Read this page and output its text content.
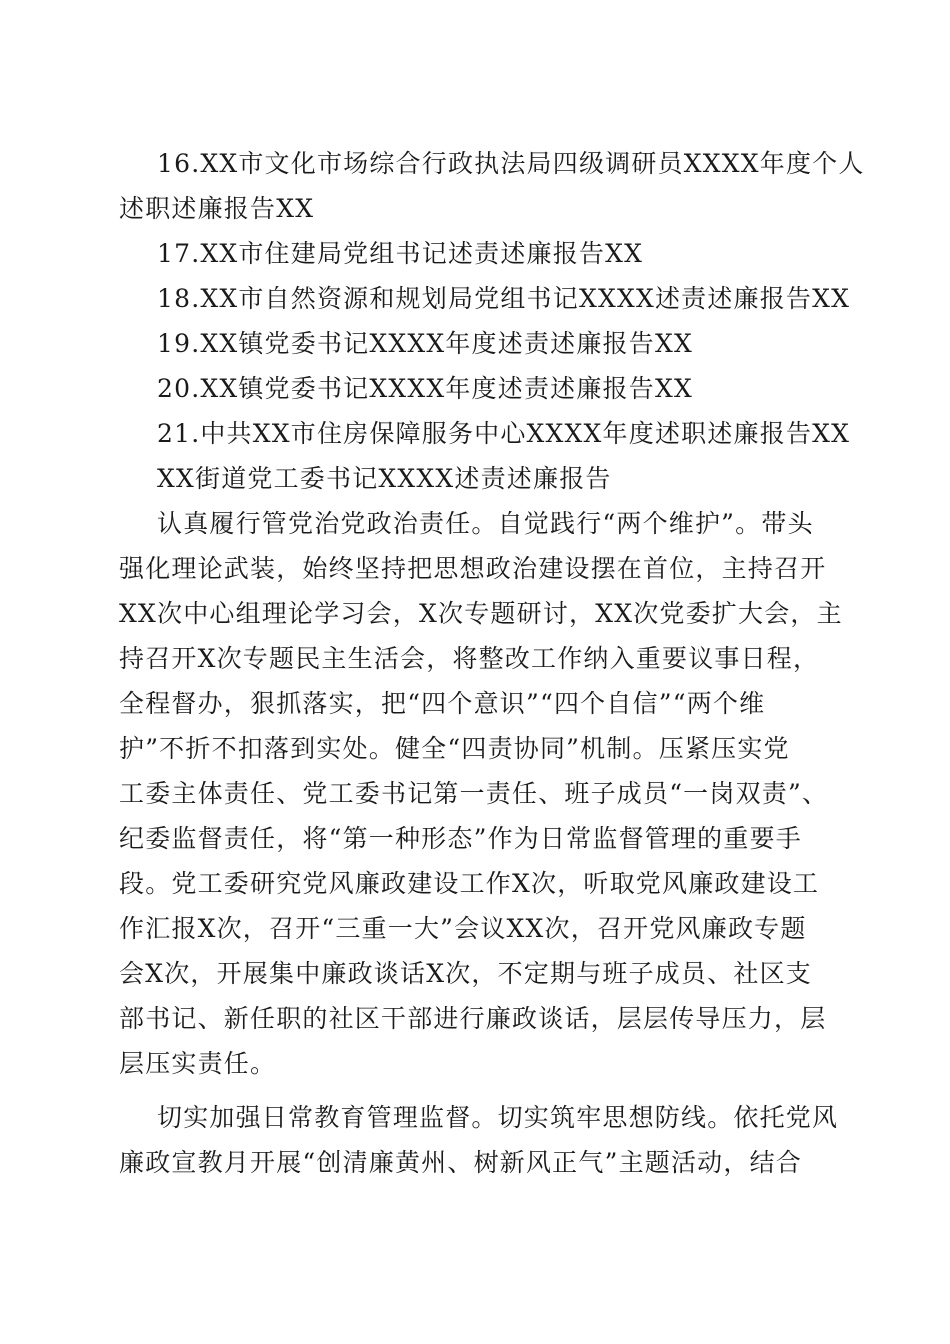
16.XX市文化市场综合行政执法局四级调研员XXXX年度个人
述职述廉报告XX
17.XX市住建局党组书记述责述廉报告XX
18.XX市自然资源和规划局党组书记XXXX述责述廉报告XX
19.XX镇党委书记XXXX年度述责述廉报告XX
20.XX镇党委书记XXXX年度述责述廉报告XX
21.中共XX市住房保障服务中心XXXX年度述职述廉报告XX
XX街道党工委书记XXXX述责述廉报告
认真履行管党治党政治责任。自觉践行“两个维护”。带头
强化理论武装，始终坚持把思想政治建设摆在首位，主持召开
XX次中心组理论学习会，X次专题研讨，XX次党委扩大会，主
持召开X次专题民主生活会，将整改工作纳入重要议事日程，
全程督办，狠抓落实，把“四个意识”“四个自信”“两个维
护”不折不扣落到实处。健全“四责协同”机制。压紧压实党
工委主体责任、党工委书记第一责任、班子成员“一岗双责”、
纪委监督责任，将“第一种形态”作为日常监督管理的重要手
段。党工委研究党风廉政建设工作X次，听取党风廉政建设工
作汇报X次，召开“三重一大”会议XX次，召开党风廉政专题
会X次，开展集中廉政谈话X次，不定期与班子成员、社区支
部书记、新任职的社区干部进行廉政谈话，层层传导压力，层
层压实责任。
切实加强日常教育管理监督。切实筑牢思想防线。依托党风
廉政宣教月开展“创清廉黄州、树新风正气”主题活动，结合
